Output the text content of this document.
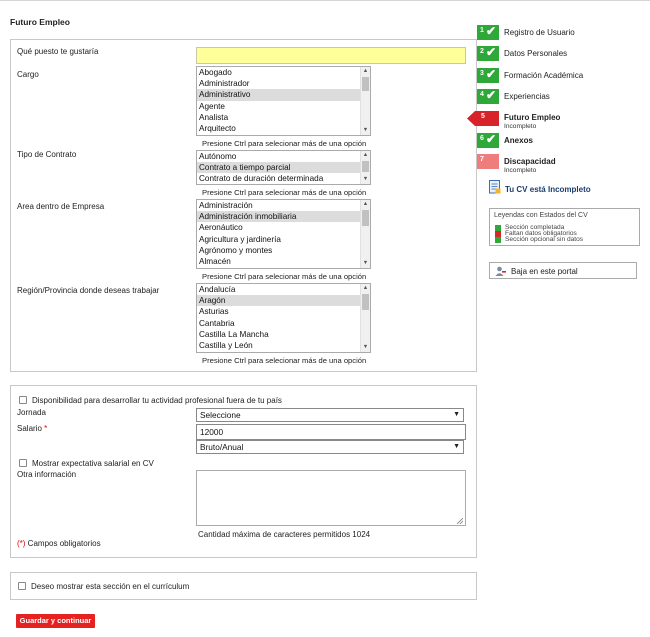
Futuro Empleo
Qué puesto te gustaría
Cargo	Abogado
Administrador
Administrativo
Agente
Analista
Arquitecto
▲
▼
Presione Ctrl para selecionar más de una opción
Tipo de Contrato	Autónomo
Contrato a tiempo parcial
Contrato de duración determinada
▲
▼
Presione Ctrl para selecionar más de una opción
Area dentro de Empresa	Administración
Administración inmobiliaria
Aeronáutico
Agricultura y jardinería
Agrónomo y montes
Almacén
▲
▼
Presione Ctrl para selecionar más de una opción
Región/Provincia donde deseas trabajar	Andalucía
Aragón
Asturias
Cantabria
Castilla La Mancha
Castilla y León
▲
▼
Presione Ctrl para selecionar más de una opción
Disponibilidad para desarrollar tu actividad profesional fuera de tu país
Jornada	Seleccione	▼
Salario *	12000
Bruto/Anual	▼
Mostrar expectativa salarial en CV
Otra información
Cantidad máxima de caracteres permitidos 1024
(*) Campos obligatorios
Deseo mostrar esta sección en el currículum
Guardar y continuar
1 ✔ Registro de Usuario
2 ✔ Datos Personales
3 ✔ Formación Académica
4 ✔ Experiencias
5 Futuro Empleo
Incompleto
6 ✔ Anexos
7	Discapacidad
Incompleto
Tu CV está Incompleto
Leyendas con Estados del CV
Sección completada
Faltan datos obligatorios
Sección opcional sin datos
Baja en este portal
